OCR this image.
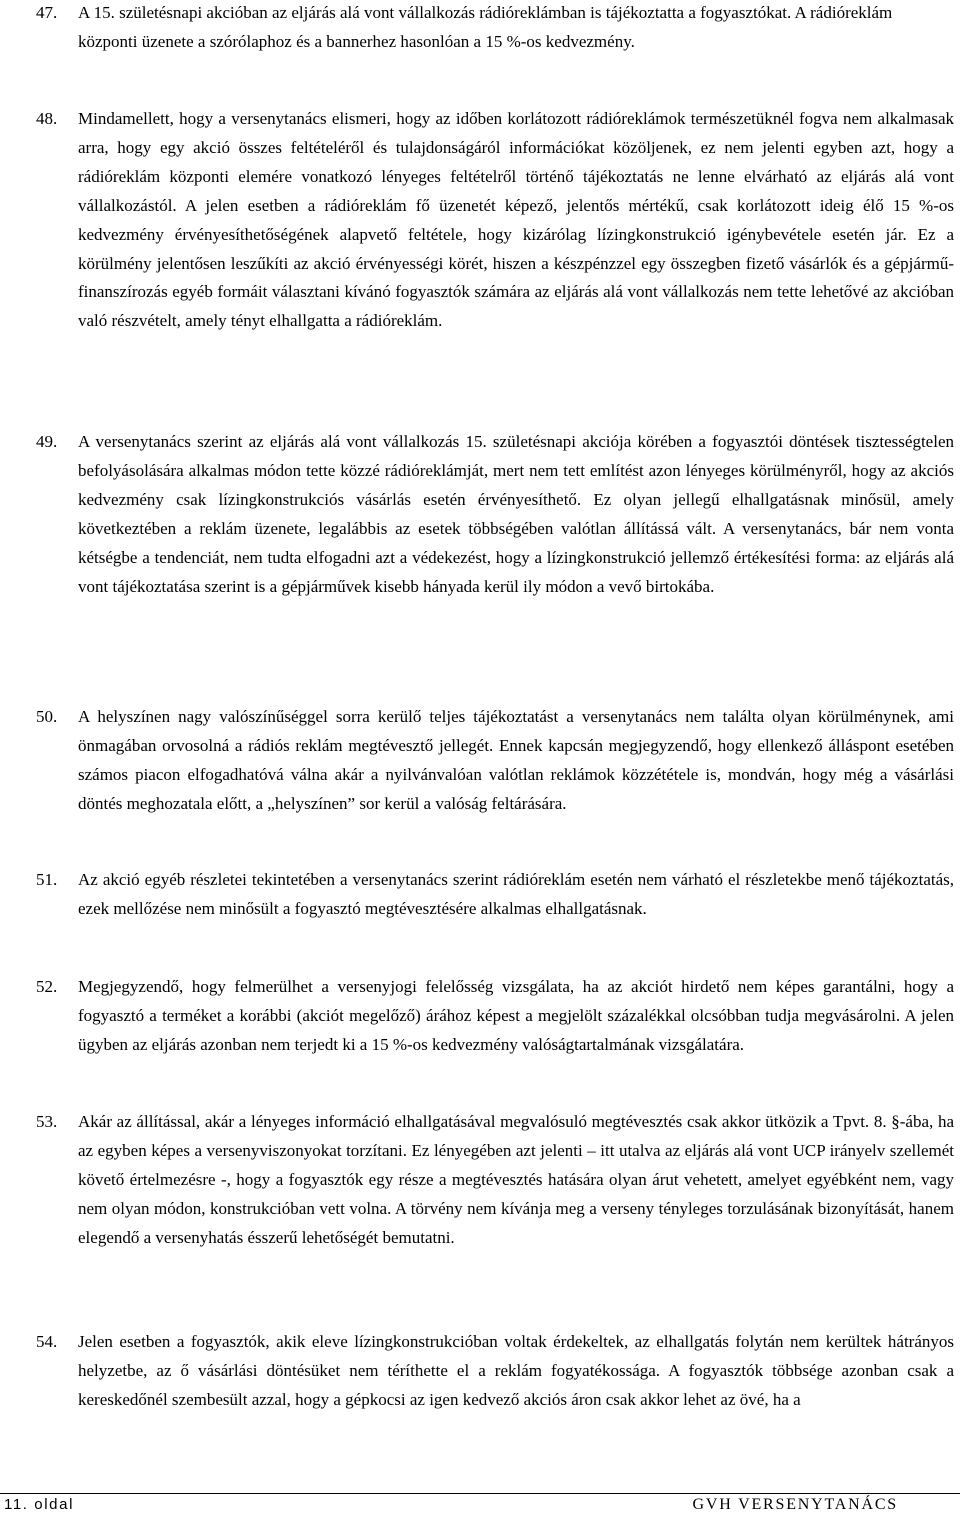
47.	A 15. születésnapi akcióban az eljárás alá vont vállalkozás rádióreklámban is tájékoztatta a fogyasztókat. A rádióreklám központi üzenete a szórólaphoz és a bannerhez hasonlóan a 15 %-os kedvezmény.
48.	Mindamellett, hogy a versenytanács elismeri, hogy az időben korlátozott rádióreklámok természetüknél fogva nem alkalmasak arra, hogy egy akció összes feltételéről és tulajdonságáról információkat közöljenek, ez nem jelenti egyben azt, hogy a rádióreklám központi elemére vonatkozó lényeges feltételről történő tájékoztatás ne lenne elvárható az eljárás alá vont vállalkozástól. A jelen esetben a rádióreklám fő üzenetét képező, jelentős mértékű, csak korlátozott ideig élő 15 %-os kedvezmény érvényesíthetőségének alapvető feltétele, hogy kizárólag lízingkonstrukció igénybevétele esetén jár. Ez a körülmény jelentősen leszűkíti az akció érvényességi körét, hiszen a készpénzzel egy összegben fizető vásárlók és a gépjármű-finanszírozás egyéb formáit választani kívánó fogyasztók számára az eljárás alá vont vállalkozás nem tette lehetővé az akcióban való részvételt, amely tényt elhallgatta a rádióreklám.
49.	A versenytanács szerint az eljárás alá vont vállalkozás 15. születésnapi akciója körében a fogyasztói döntések tisztességtelen befolyásolására alkalmas módon tette közzé rádióreklámját, mert nem tett említést azon lényeges körülményről, hogy az akciós kedvezmény csak lízingkonstrukciós vásárlás esetén érvényesíthető. Ez olyan jellegű elhallgatásnak minősül, amely következtében a reklám üzenete, legalábbis az esetek többségében valótlan állítássá vált. A versenytanács, bár nem vonta kétségbe a tendenciát, nem tudta elfogadni azt a védekezést, hogy a lízingkonstrukció jellemző értékesítési forma: az eljárás alá vont tájékoztatása szerint is a gépjárművek kisebb hányada kerül ily módon a vevő birtokába.
50.	A helyszínen nagy valószínűséggel sorra kerülő teljes tájékoztatást a versenytanács nem találta olyan körülménynek, ami önmagában orvosolná a rádiós reklám megtévesztő jellegét. Ennek kapcsán megjegyzendő, hogy ellenkező álláspont esetében számos piacon elfogadhatóvá válna akár a nyilvánvalóan valótlan reklámok közzététele is, mondván, hogy még a vásárlási döntés meghozatala előtt, a „helyszínen” sor kerül a valóság feltárására.
51.	Az akció egyéb részletei tekintetében a versenytanács szerint rádióreklám esetén nem várható el részletekbe menő tájékoztatás, ezek mellőzése nem minősült a fogyasztó megtévesztésére alkalmas elhallgatásnak.
52.	Megjegyzendő, hogy felmerülhet a versenyjogi felelősség vizsgálata, ha az akciót hirdető nem képes garantálni, hogy a fogyasztó a terméket a korábbi (akciót megelőző) árához képest a megjelölt százalékkal olcsóbban tudja megvásárolni. A jelen ügyben az eljárás azonban nem terjedt ki a 15 %-os kedvezmény valóságtartalmának vizsgálatára.
53.	Akár az állítással, akár a lényeges információ elhallgatásával megvalósuló megtévesztés csak akkor ütközik a Tpvt. 8. §-ába, ha az egyben képes a versenyviszonyokat torzítani. Ez lényegében azt jelenti – itt utalva az eljárás alá vont UCP irányelv szellemét követő értelmezésre -, hogy a fogyasztók egy része a megtévesztés hatására olyan árut vehetett, amelyet egyébként nem, vagy nem olyan módon, konstrukcióban vett volna. A törvény nem kívánja meg a verseny tényleges torzulásának bizonyítását, hanem elegendő a versenyhatás ésszerű lehetőségét bemutatni.
54.	Jelen esetben a fogyasztók, akik eleve lízingkonstrukcióban voltak érdekeltek, az elhallgatás folytán nem kerültek hátrányos helyzetbe, az ő vásárlási döntésüket nem téríthette el a reklám fogyatékossága. A fogyasztók többsége azonban csak a kereskedőnél szembesült azzal, hogy a gépkocsi az igen kedvező akciós áron csak akkor lehet az övé, ha a
11. oldal	GVH VERSENYTANÁCS
